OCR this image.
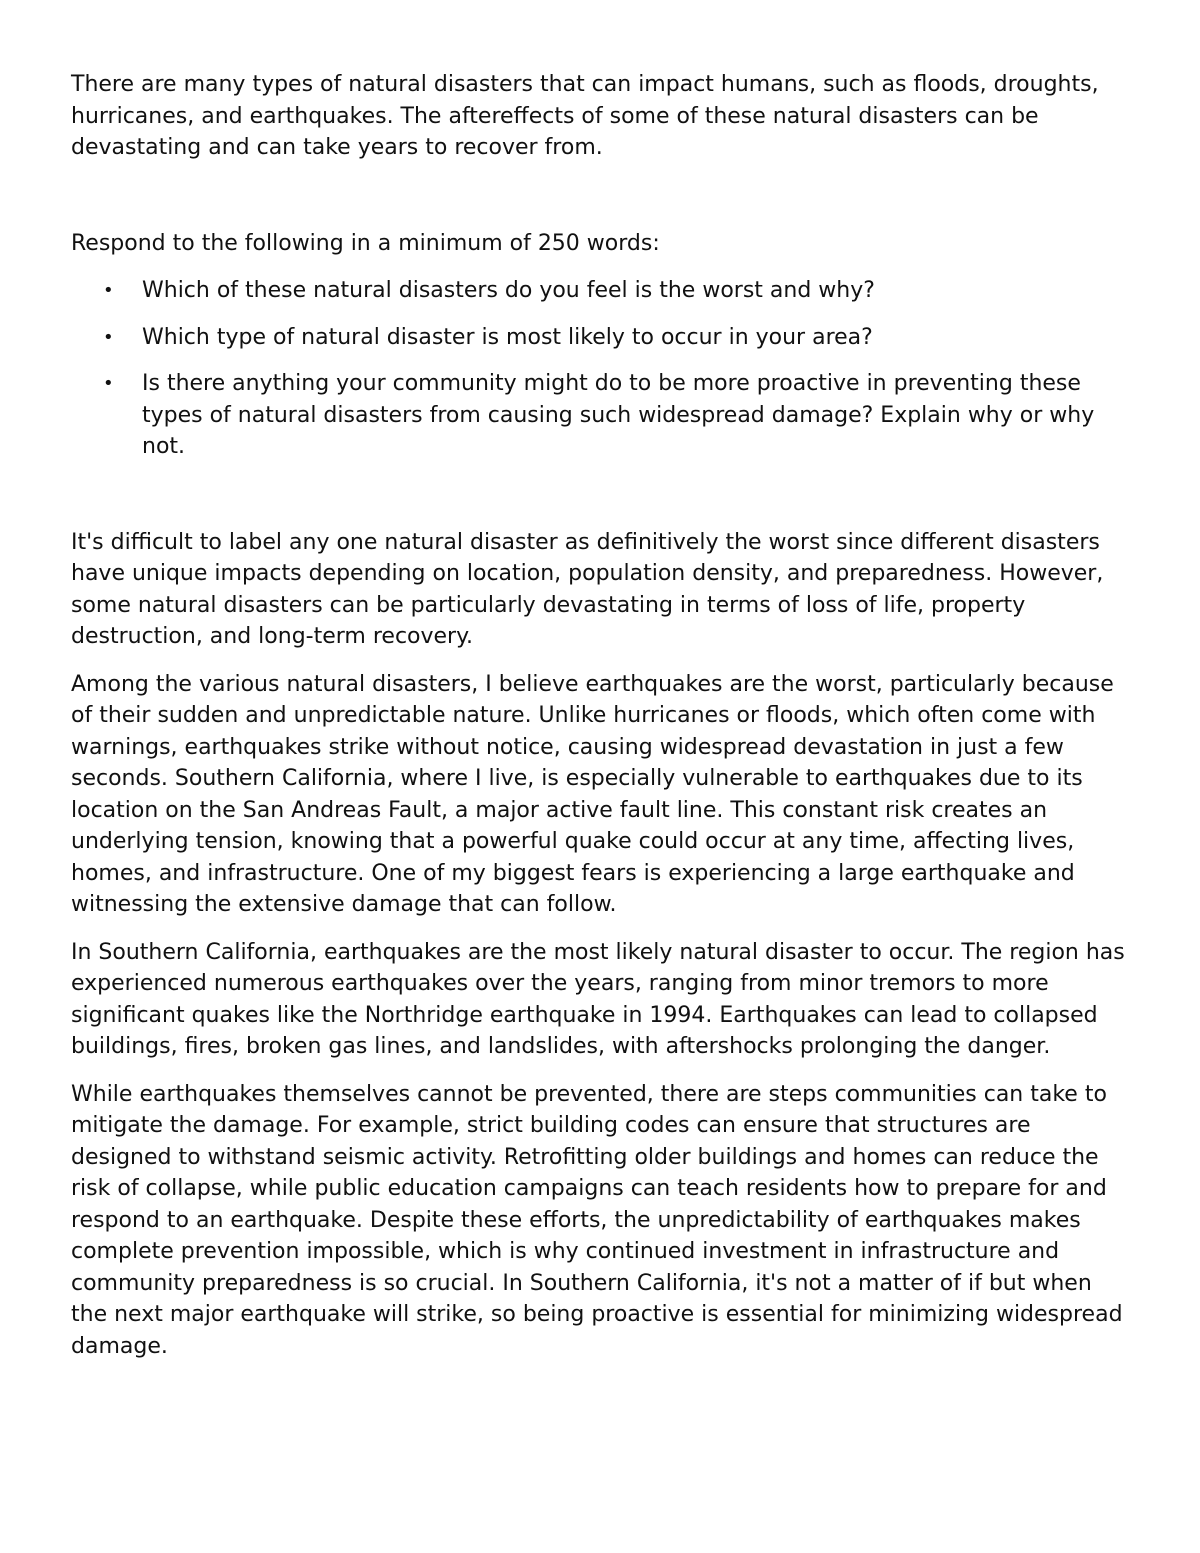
There are many types of natural disasters that can impact humans, such as floods, droughts, hurricanes, and earthquakes. The aftereffects of some of these natural disasters can be devastating and can take years to recover from.

Respond to the following in a minimum of 250 words:

• Which of these natural disasters do you feel is the worst and why?
• Which type of natural disaster is most likely to occur in your area?
• Is there anything your community might do to be more proactive in preventing these types of natural disasters from causing such widespread damage? Explain why or why not.

It's difficult to label any one natural disaster as definitively the worst since different disasters have unique impacts depending on location, population density, and preparedness. However, some natural disasters can be particularly devastating in terms of loss of life, property destruction, and long-term recovery.

Among the various natural disasters, I believe earthquakes are the worst, particularly because of their sudden and unpredictable nature. Unlike hurricanes or floods, which often come with warnings, earthquakes strike without notice, causing widespread devastation in just a few seconds. Southern California, where I live, is especially vulnerable to earthquakes due to its location on the San Andreas Fault, a major active fault line. This constant risk creates an underlying tension, knowing that a powerful quake could occur at any time, affecting lives, homes, and infrastructure. One of my biggest fears is experiencing a large earthquake and witnessing the extensive damage that can follow.

In Southern California, earthquakes are the most likely natural disaster to occur. The region has experienced numerous earthquakes over the years, ranging from minor tremors to more significant quakes like the Northridge earthquake in 1994. Earthquakes can lead to collapsed buildings, fires, broken gas lines, and landslides, with aftershocks prolonging the danger.

While earthquakes themselves cannot be prevented, there are steps communities can take to mitigate the damage. For example, strict building codes can ensure that structures are designed to withstand seismic activity. Retrofitting older buildings and homes can reduce the risk of collapse, while public education campaigns can teach residents how to prepare for and respond to an earthquake. Despite these efforts, the unpredictability of earthquakes makes complete prevention impossible, which is why continued investment in infrastructure and community preparedness is so crucial. In Southern California, it's not a matter of if but when the next major earthquake will strike, so being proactive is essential for minimizing widespread damage.
